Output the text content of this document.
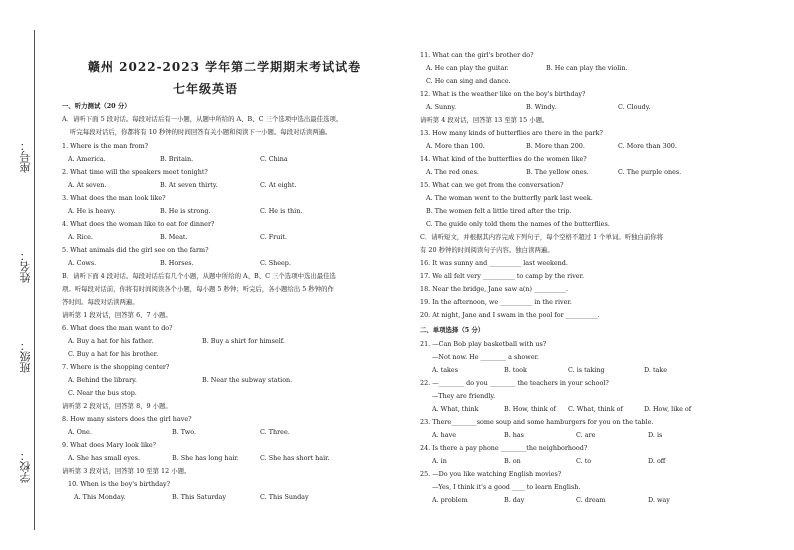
座号：
姓名：
班级：
学校：
赣州 2022-2023 学年第二学期期末考试试卷
七年级英语
一、听力测试（20 分）
A．请听下面 5 段对话。每段对话后有一小题，从题中所给的 A、B、C 三个选项中选出最佳选项。
听完每段对话后，你都将有 10 秒钟的时间回答有关小题和阅读下一小题。每段对话读两遍。
1. Where is the man from?
A. America.	B. Britain.	C. China
2. What time will the speakers meet tonight?
A. At seven.	B. At seven thirty.	C. At eight.
3. What does the man look like?
A. He is heavy.	B. He is strong.	C. He is thin.
4. What does the woman like to eat for dinner?
A. Rice.	B. Meat.	C. Fruit.
5. What animals did the girl see on the farm?
A. Cows.	B. Horses.	C. Sheep.
B．请听下面 4 段对话。每段对话后有几个小题，从题中所给的 A、B、C 三个选项中选出最佳选
项。听每段对话前，你将有时间阅读各个小题，每小题 5 秒钟；听完后，各小题给出 5 秒钟的作
答时间。每段对话读两遍。
请听第 1 段对话，回答第 6、7 小题。
6. What does the man want to do?
A. Buy a hat for his father.	B. Buy a shirt for himself.
C. Buy a hat for his brother.
7. Where is the shopping center?
A. Behind the library.	B. Near the subway station.
C. Near the bus stop.
请听第 2 段对话，回答第 8、9 小题。
8. How many sisters does the girl have?
A. One.	B. Two.	C. Three.
9. What does Mary look like？
A. She has small eyes.	B. She has long hair.	C. She has short hair.
请听第 3 段对话，回答第 10 至第 12 小题。
10. When is the boy's birthday?
A. This Monday.	B. This Saturday	C. This Sunday
11. What can the girl's brother do?
A. He can play the guitar.	B. He can play the violin.
C. He can sing and dance.
12. What is the weather like on the boy's birthday?
A. Sunny.	B. Windy.	C. Cloudy.
请听第 4 段对话，回答第 13 至第 15 小题。
13. How many kinds of butterflies are there in the park?
A. More than 100.	B. More than 200.	C. More than 300.
14. What kind of the butterflies do the women like?
A. The red ones.	B. The yellow ones.	C. The purple ones.
15. What can we get from the conversation?
A. The woman went to the butterfly park last week.
B. The women felt a little tired after the trip.
C. The guide only told them the names of the butterflies.
C．请听短文，并根据其内容完成下列句子，每个空格不超过 1 个单词。听独白前你将
有 20 秒钟的时间阅读句子内容。独白读两遍。
16. It was sunny and __________ last weekend.
17. We all felt very __________ to camp by the river.
18. Near the bridge, Jane saw a(n) __________.
19. In the afternoon, we __________ in the river.
20. At night, Jane and I swam in the pool for __________.
二、单项选择（5 分）
21. —Can Bob play basketball with us?
—Not now. He ________ a shower.
A. takes	B. took	C. is taking	D. take
22. —________ do you ________ the teachers in your school?
—They are friendly.
A. What, think	B. How, think of C. What, think of	D. How, like of
23. There________some soup and some hamburgers for you on the table.
A. have	B. has	C. are	D. is
24. Is there a pay phone ________the neighborhood?
A. in	B. on	C. to	D. off
25. —Do you like watching English movies?
—Yes, I think it's a good ____ to learn English.
A. problem	B. day	C. dream	D. way
